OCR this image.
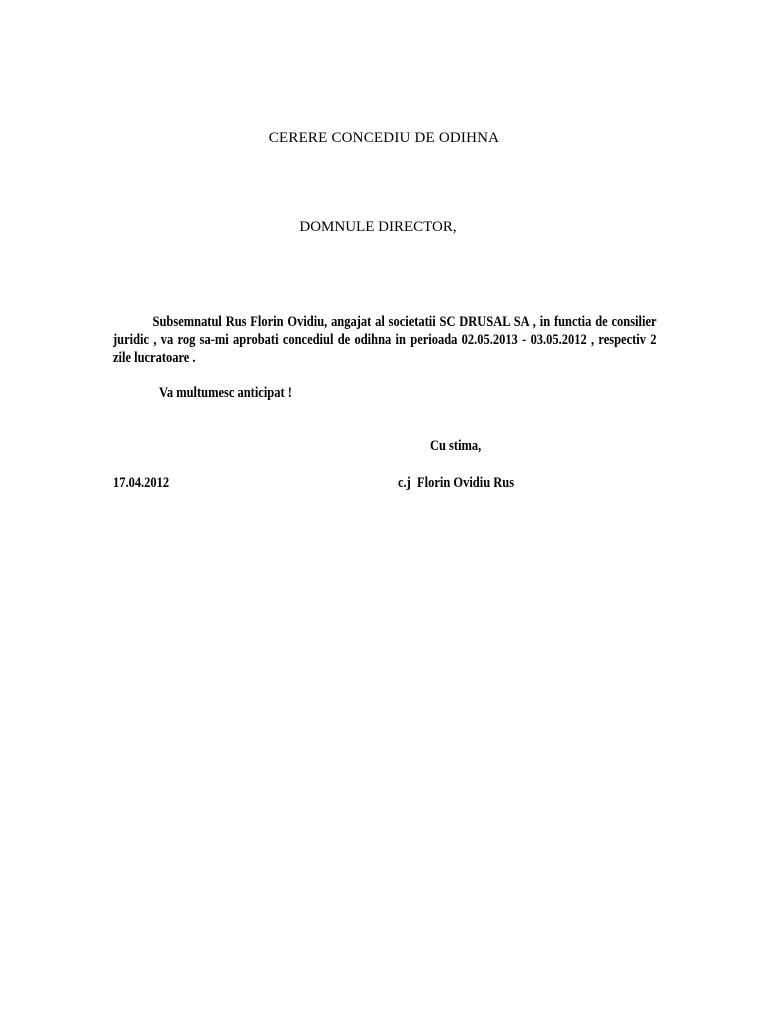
CERERE CONCEDIU DE ODIHNA
DOMNULE DIRECTOR,
Subsemnatul Rus Florin Ovidiu, angajat al societatii SC DRUSAL SA , in functia de consilier juridic , va rog sa-mi aprobati concediul de odihna in perioada 02.05.2013 - 03.05.2012 , respectiv 2 zile lucratoare .
Va multumesc anticipat !
Cu stima,
17.04.2012	c.j  Florin Ovidiu Rus
